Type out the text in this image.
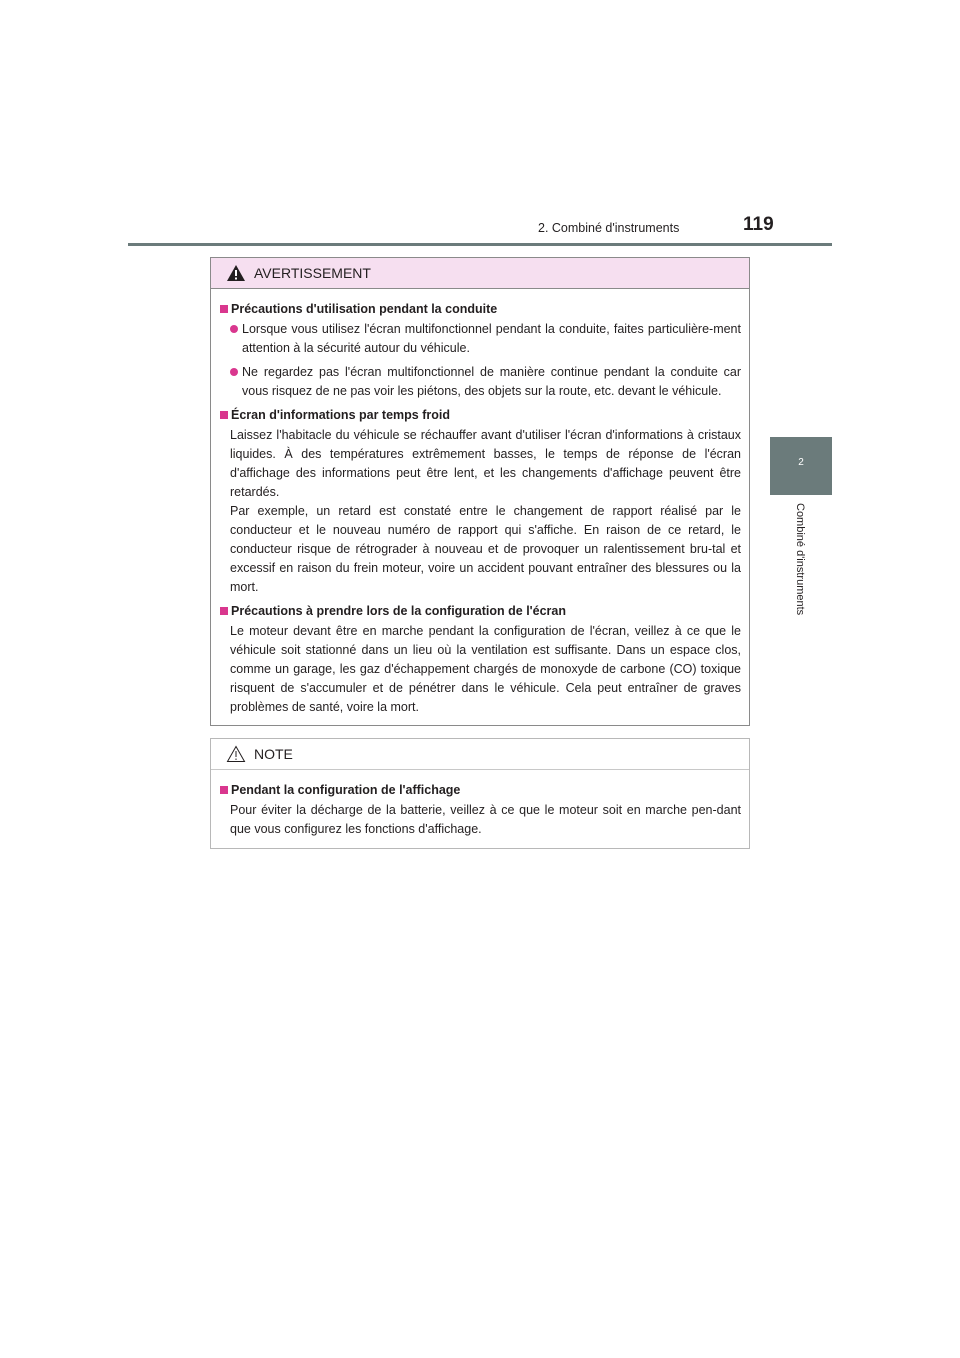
2. Combiné d'instruments	119
2
Combiné d'instruments
AVERTISSEMENT
Précautions d'utilisation pendant la conduite
Lorsque vous utilisez l'écran multifonctionnel pendant la conduite, faites particulière-ment attention à la sécurité autour du véhicule.
Ne regardez pas l'écran multifonctionnel de manière continue pendant la conduite car vous risquez de ne pas voir les piétons, des objets sur la route, etc. devant le véhicule.
Écran d'informations par temps froid
Laissez l'habitacle du véhicule se réchauffer avant d'utiliser l'écran d'informations à cristaux liquides. À des températures extrêmement basses, le temps de réponse de l'écran d'affichage des informations peut être lent, et les changements d'affichage peuvent être retardés.
Par exemple, un retard est constaté entre le changement de rapport réalisé par le conducteur et le nouveau numéro de rapport qui s'affiche. En raison de ce retard, le conducteur risque de rétrograder à nouveau et de provoquer un ralentissement bru-tal et excessif en raison du frein moteur, voire un accident pouvant entraîner des blessures ou la mort.
Précautions à prendre lors de la configuration de l'écran
Le moteur devant être en marche pendant la configuration de l'écran, veillez à ce que le véhicule soit stationné dans un lieu où la ventilation est suffisante. Dans un espace clos, comme un garage, les gaz d'échappement chargés de monoxyde de carbone (CO) toxique risquent de s'accumuler et de pénétrer dans le véhicule. Cela peut entraîner de graves problèmes de santé, voire la mort.
NOTE
Pendant la configuration de l'affichage
Pour éviter la décharge de la batterie, veillez à ce que le moteur soit en marche pen-dant que vous configurez les fonctions d'affichage.
